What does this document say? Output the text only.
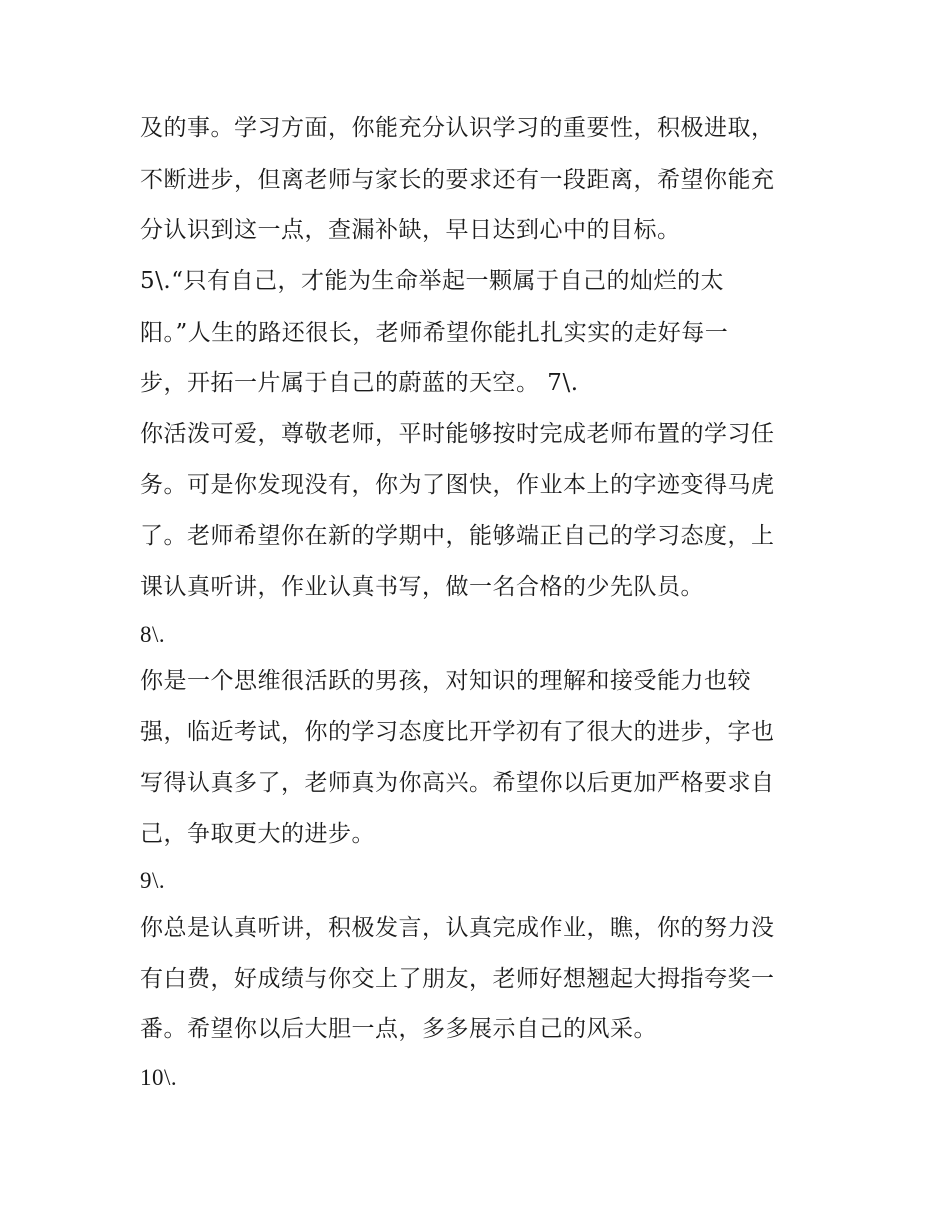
及的事。学习方面，你能充分认识学习的重要性，积极进取，
不断进步，但离老师与家长的要求还有一段距离，希望你能充
分认识到这一点，查漏补缺，早日达到心中的目标。
5\.“只有自己，才能为生命举起一颗属于自己的灿烂的太
阳。”人生的路还很长，老师希望你能扎扎实实的走好每一
步，开拓一片属于自己的蔚蓝的天空。 7\.
你活泼可爱，尊敬老师，平时能够按时完成老师布置的学习任
务。可是你发现没有，你为了图快，作业本上的字迹变得马虎
了。老师希望你在新的学期中，能够端正自己的学习态度，上
课认真听讲，作业认真书写，做一名合格的少先队员。
8\.
你是一个思维很活跃的男孩，对知识的理解和接受能力也较
强，临近考试，你的学习态度比开学初有了很大的进步，字也
写得认真多了，老师真为你高兴。希望你以后更加严格要求自
己，争取更大的进步。
9\.
你总是认真听讲，积极发言，认真完成作业，瞧，你的努力没
有白费，好成绩与你交上了朋友，老师好想翘起大拇指夸奖一
番。希望你以后大胆一点，多多展示自己的风采。
10\.
